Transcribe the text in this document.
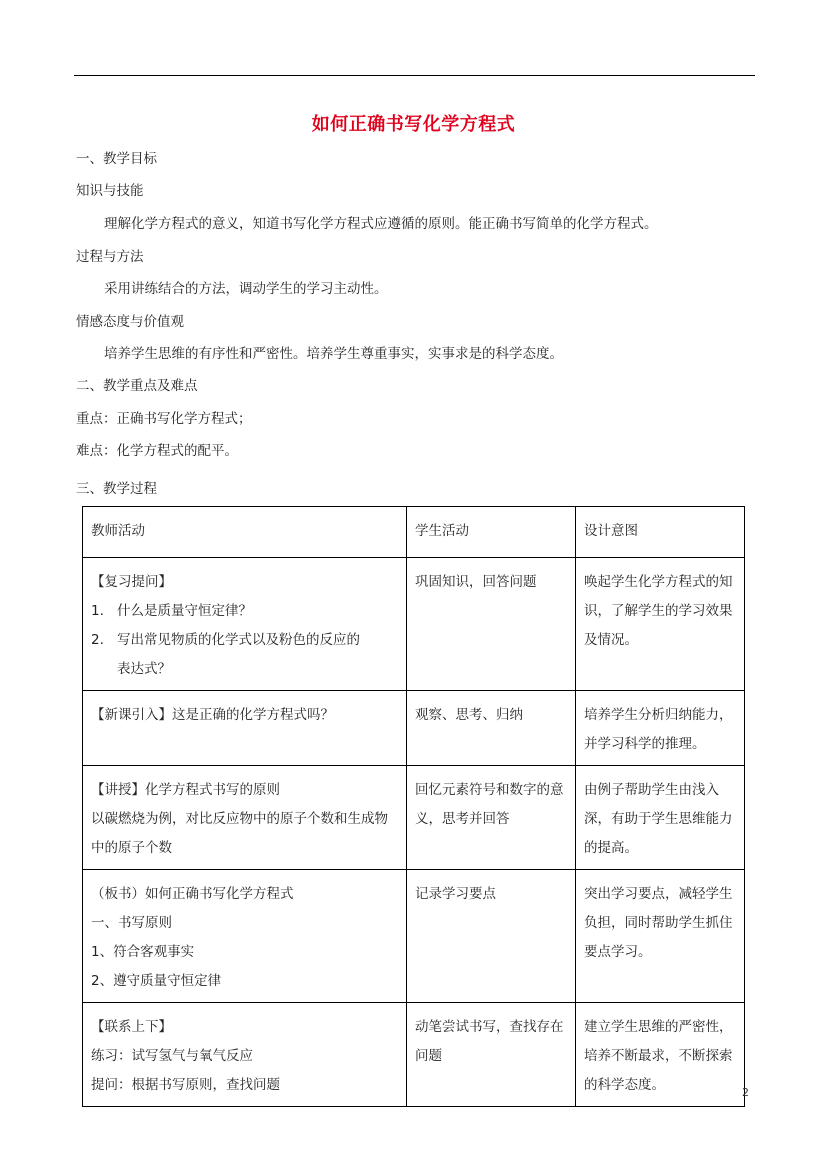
如何正确书写化学方程式
一、教学目标
知识与技能
理解化学方程式的意义，知道书写化学方程式应遵循的原则。能正确书写简单的化学方程式。
过程与方法
采用讲练结合的方法，调动学生的学习主动性。
情感态度与价值观
培养学生思维的有序性和严密性。培养学生尊重事实，实事求是的科学态度。
二、教学重点及难点
重点：正确书写化学方程式；
难点：化学方程式的配平。
三、教学过程
教师活动	学生活动	设计意图

【复习提问】

1. 什么是质量守恒定律？

2. 写出常见物质的化学式以及粉色的反应的

表达式？	巩固知识，回答问题	唤起学生化学方程式的知识，了解学生的学习效果及情况。

【新课引入】这是正确的化学方程式吗？	观察、思考、归纳	培养学生分析归纳能力，并学习科学的推理。

【讲授】化学方程式书写的原则

以碳燃烧为例，对比反应物中的原子个数和生成物中的原子个数	回忆元素符号和数字的意义，思考并回答	由例子帮助学生由浅入深，有助于学生思维能力的提高。

（板书）如何正确书写化学方程式

一、书写原则

1、符合客观事实

2、遵守质量守恒定律	记录学习要点	突出学习要点，减轻学生负担，同时帮助学生抓住要点学习。

【联系上下】

练习：试写氢气与氧气反应

提问：根据书写原则，查找问题	动笔尝试书写，查找存在问题	建立学生思维的严密性，培养不断最求，不断探索的科学态度。	2
